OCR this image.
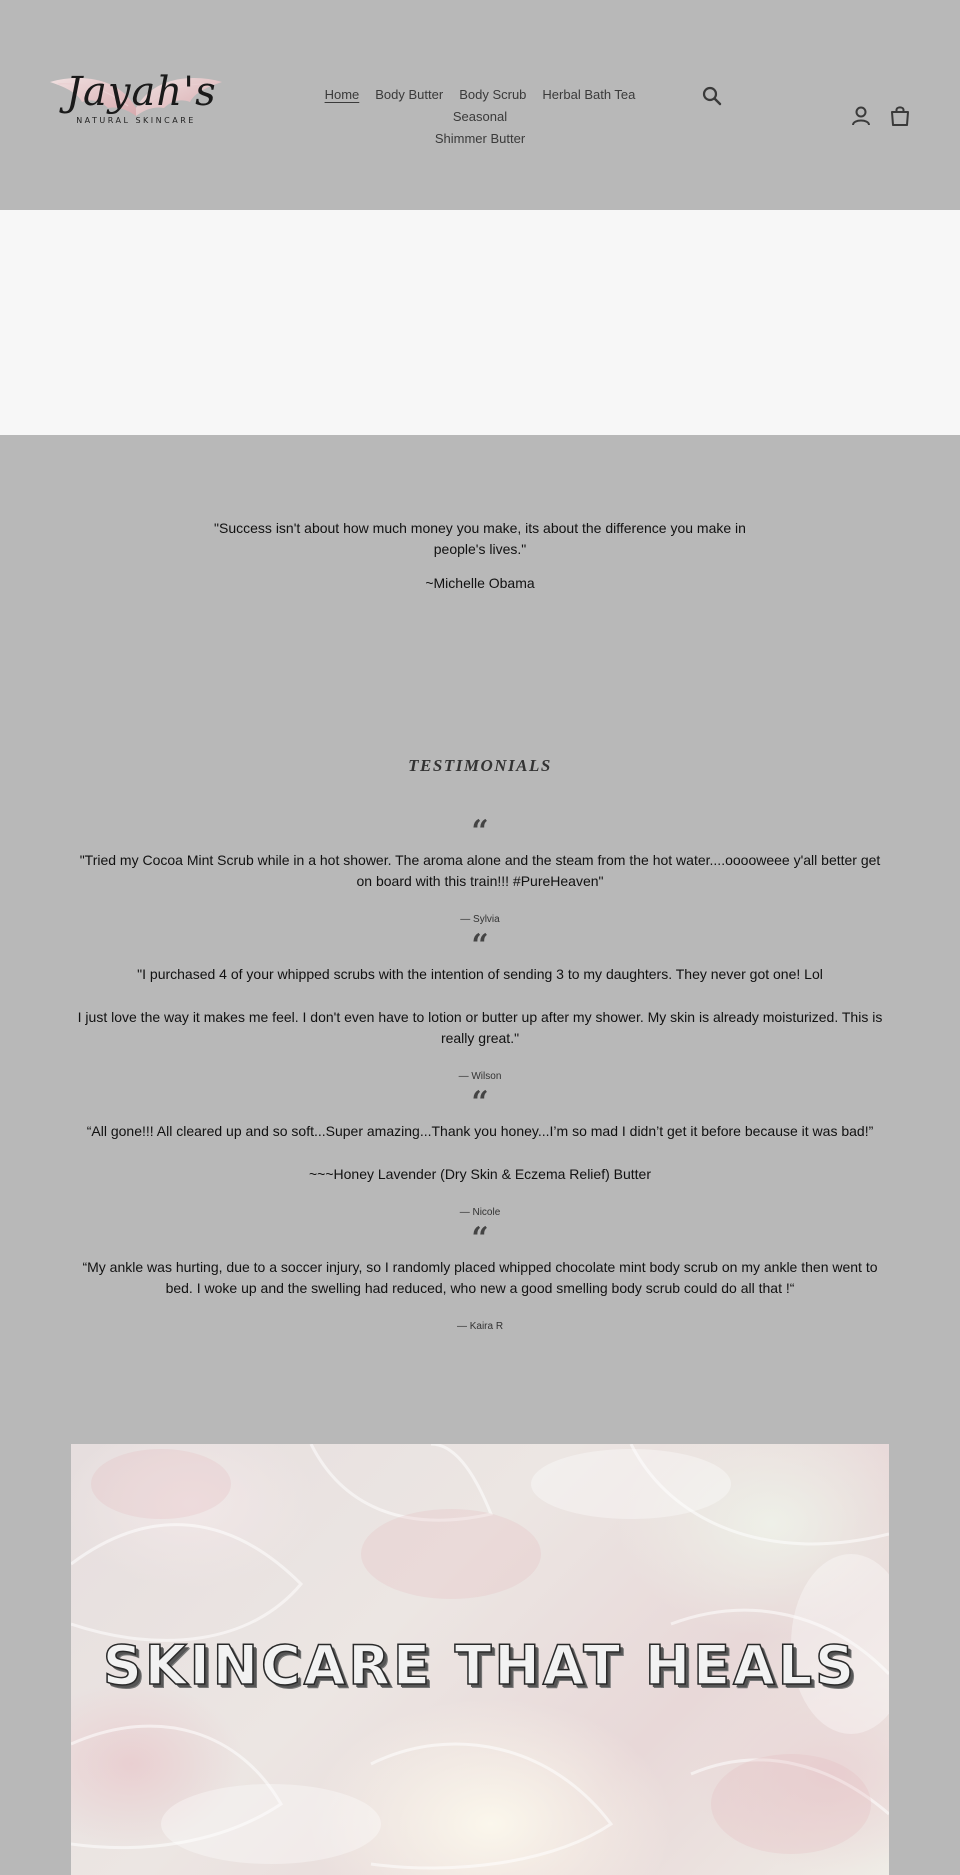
Jayah's
NATURAL SKINCARE
Home Body Butter Body Scrub Herbal Bath TeaSeasonal
Shimmer Butter

"Success isn't about how much money you make, its about the difference you make in people's lives."

~Michelle Obama

TESTIMONIALS
“

"Tried my Cocoa Mint Scrub while in a hot shower. The aroma alone and the steam from the hot water....ooooweee y'all better get on board with this train!!! #PureHeaven"

— Sylvia

“

"I purchased 4 of your whipped scrubs with the intention of sending 3 to my daughters. They never got one! Lol

I just love the way it makes me feel. I don't even have to lotion or butter up after my shower. My skin is already moisturized. This is really great."

— Wilson

“

“All gone!!! All cleared up and so soft...Super amazing...Thank you honey...I’m so mad I didn’t get it before because it was bad!”

~~~Honey Lavender (Dry Skin & Eczema Relief) Butter

— Nicole

“

“My ankle was hurting, due to a soccer injury, so I randomly placed whipped chocolate mint body scrub on my ankle then went to bed. I woke up and the swelling had reduced, who new a good smelling body scrub could do all that !“

— Kaira R

SKINCARE THAT HEALS
